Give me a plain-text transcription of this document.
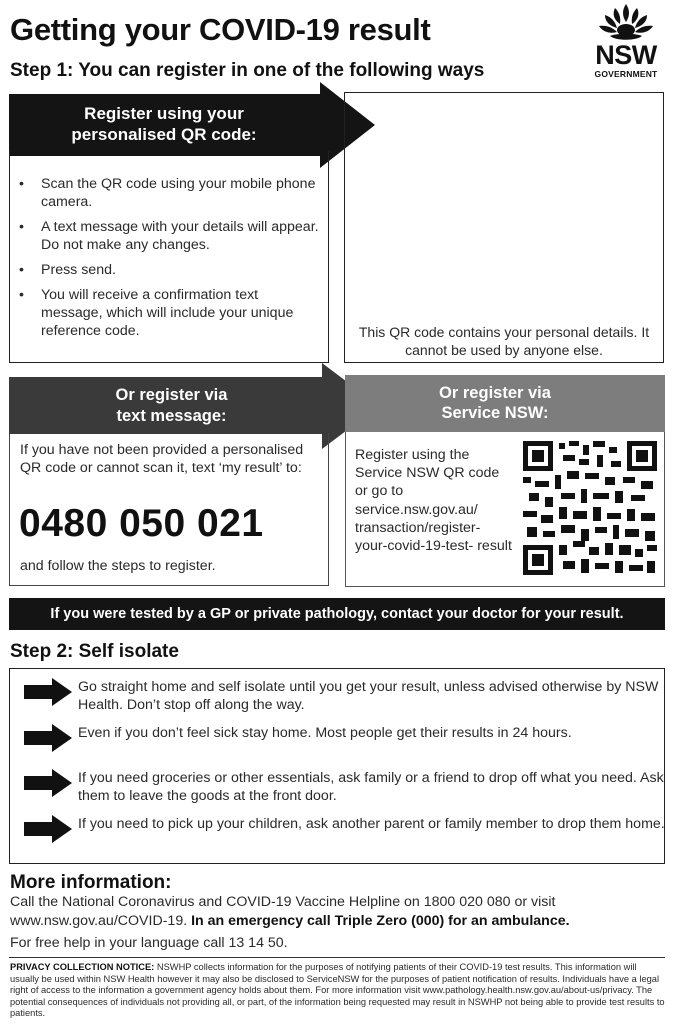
Getting your COVID-19 result
Step 1: You can register in one of the following ways
NSW
GOVERNMENT
Register using your
personalised QR code:
• Scan the QR code using your mobile phone camera.
• A text message with your details will appear. Do not make any changes.
• Press send.
• You will receive a confirmation text message, which will include your unique reference code.	This QR code contains your personal details. It cannot be used by anyone else.
Or register via
text message:
If you have not been provided a personalised QR code or cannot scan it, text ‘my result’ to:
0480 050 021
and follow the steps to register.
Or register via
Service NSW:
Register using the Service NSW QR code or go to service.nsw.gov.au/ transaction/register- your-covid-19-test- result
If you were tested by a GP or private pathology, contact your doctor for your result.
Step 2: Self isolate
Go straight home and self isolate until you get your result, unless advised otherwise by NSW Health. Don’t stop off along the way.
Even if you don’t feel sick stay home. Most people get their results in 24 hours.
If you need groceries or other essentials, ask family or a friend to drop off what you need. Ask them to leave the goods at the front door.
If you need to pick up your children, ask another parent or family member to drop them home.
More information:
Call the National Coronavirus and COVID-19 Vaccine Helpline on 1800 020 080 or visit www.nsw.gov.au/COVID-19. In an emergency call Triple Zero (000) for an ambulance.
For free help in your language call 13 14 50.
PRIVACY COLLECTION NOTICE: NSWHP collects information for the purposes of notifying patients of their COVID-19 test results. This information will usually be used within NSW Health however it may also be disclosed to ServiceNSW for the purposes of patient notification of results. Individuals have a legal right of access to the information a government agency holds about them. For more information visit www.pathology.health.nsw.gov.au/about-us/privacy. The potential consequences of individuals not providing all, or part, of the information being requested may result in NSWHP not being able to provide test results to patients.
